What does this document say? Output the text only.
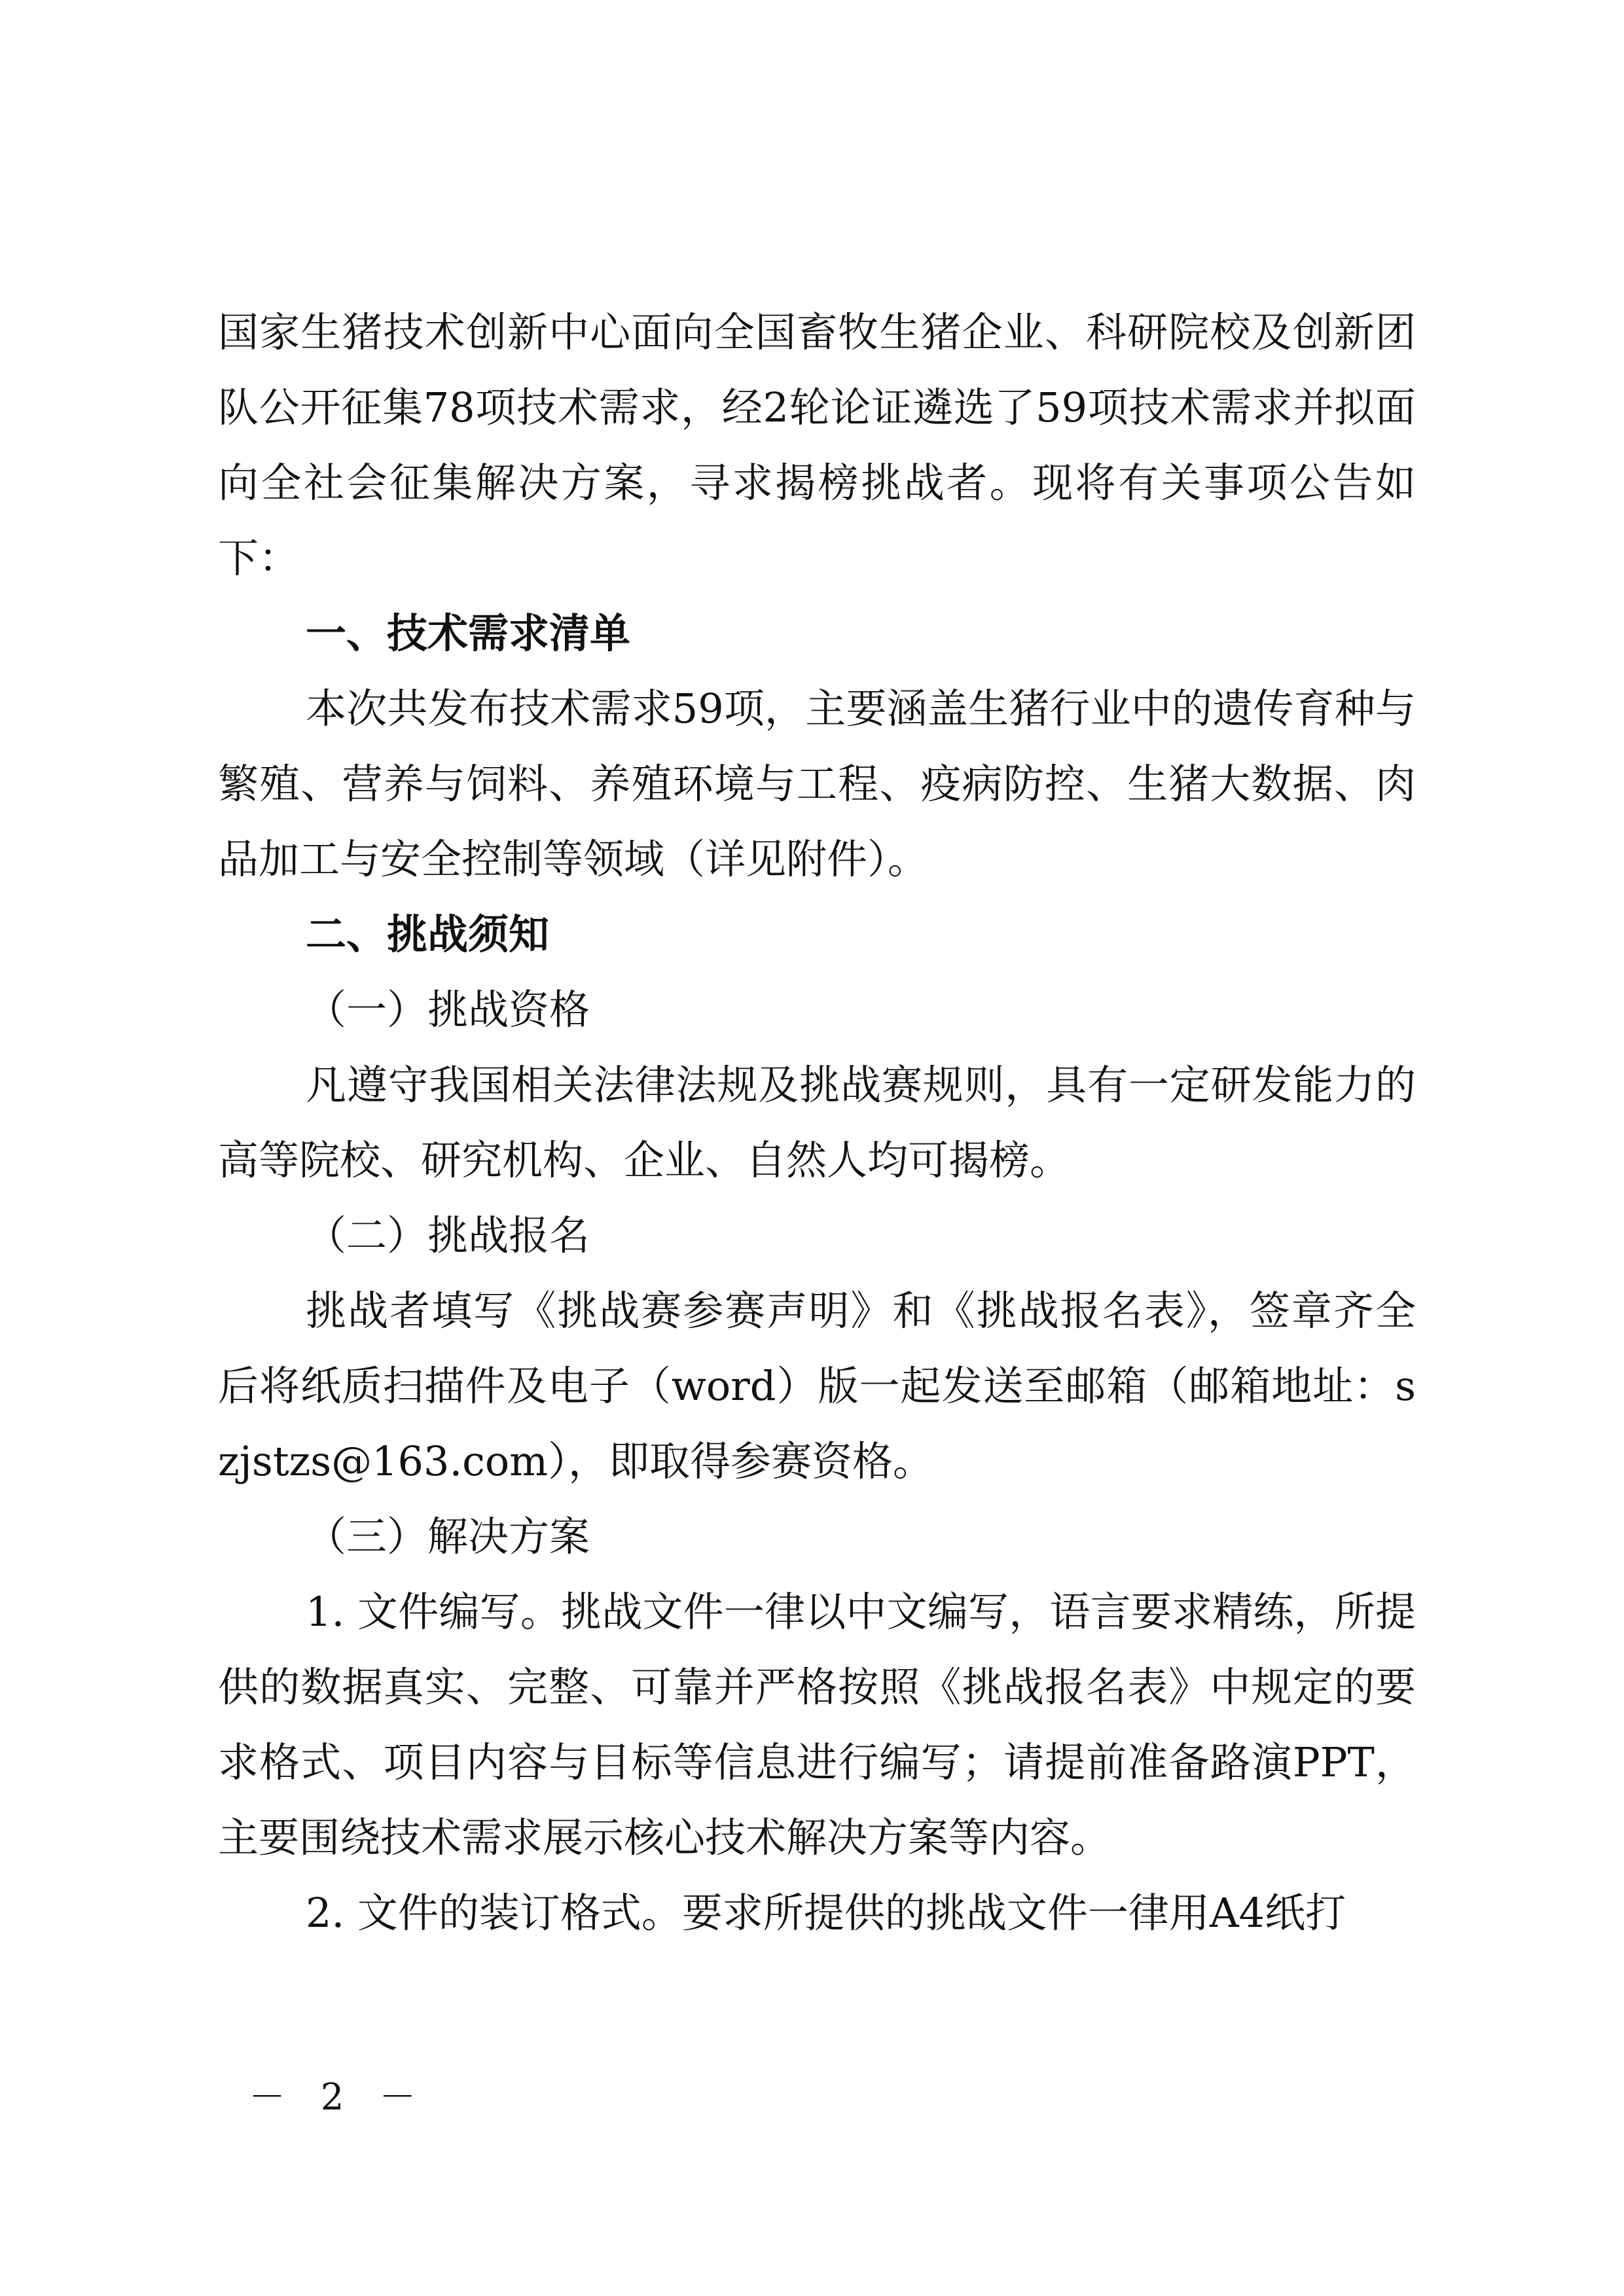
国家生猪技术创新中心面向全国畜牧生猪企业、科研院校及创新团队公开征集78项技术需求，经2轮论证遴选了59项技术需求并拟面向全社会征集解决方案，寻求揭榜挑战者。现将有关事项公告如下：

一、技术需求清单

本次共发布技术需求59项，主要涵盖生猪行业中的遗传育种与繁殖、营养与饲料、养殖环境与工程、疫病防控、生猪大数据、肉品加工与安全控制等领域（详见附件）。

二、挑战须知

（一）挑战资格

凡遵守我国相关法律法规及挑战赛规则，具有一定研发能力的高等院校、研究机构、企业、自然人均可揭榜。

（二）挑战报名

挑战者填写《挑战赛参赛声明》和《挑战报名表》，签章齐全后将纸质扫描件及电子（word）版一起发送至邮箱（邮箱地址：szjstzs@163.com），即取得参赛资格。

（三）解决方案

1. 文件编写。挑战文件一律以中文编写，语言要求精练，所提供的数据真实、完整、可靠并严格按照《挑战报名表》中规定的要求格式、项目内容与目标等信息进行编写；请提前准备路演PPT，主要围绕技术需求展示核心技术解决方案等内容。

2. 文件的装订格式。要求所提供的挑战文件一律用A4纸打

－ 2 －
